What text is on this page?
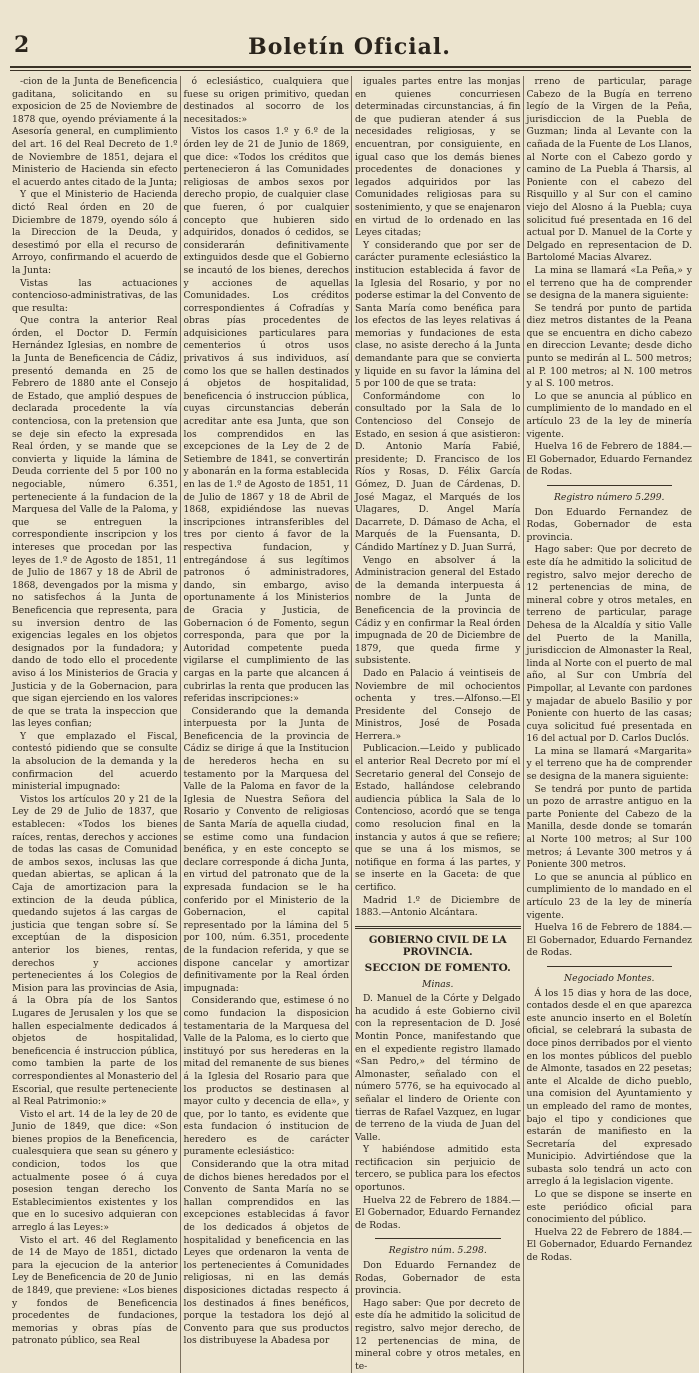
2	Boletín Oficial.

-cion de la Junta de Beneficencia gaditana, solicitando en su exposicion de 25 de Noviembre de 1878 que, oyendo préviamente á la Asesoría general, en cumplimiento del art. 16 del Real Decreto de 1.º de Noviembre de 1851, dejara el Ministerio de Hacienda sin efecto el acuerdo antes citado de la Junta;

Y que el Ministerio de Hacienda dictó Real órden en 20 de Diciembre de 1879, oyendo sólo á la Direccion de la Deuda, y desestimó por ella el recurso de Arroyo, confirmando el acuerdo de la Junta:

Vistas las actuaciones contencioso-administrativas, de las que resulta:

Que contra la anterior Real órden, el Doctor D. Fermín Hernández Iglesias, en nombre de la Junta de Beneficencia de Cádiz, presentó demanda en 25 de Febrero de 1880 ante el Consejo de Estado, que amplió despues de declarada procedente la vía contenciosa, con la pretension que se deje sin efecto la expresada Real órden, y se mande que se convierta y liquide la lámina de Deuda corriente del 5 por 100 no negociable, número 6.351, perteneciente á la fundacion de la Marquesa del Valle de la Paloma, y que se entreguen la correspondiente inscripcion y los intereses que procedan por las leyes de 1.º de Agosto de 1851, 11 de Julio de 1867 y 18 de Abril de 1868, devengados por la misma y no satisfechos á la Junta de Beneficencia que representa, para su inversion dentro de las exigencias legales en los objetos designados por la fundadora; y dando de todo ello el procedente aviso á los Ministerios de Gracia y Justicia y de la Gobernacion, para que sigan ejerciendo en los valores de que se trata la inspeccion que las leyes confian;

Y que emplazado el Fiscal, contestó pidiendo que se consulte la absolucion de la demanda y la confirmacion del acuerdo ministerial impugnado:

Vistos los artículos 20 y 21 de la Ley de 29 de Julio de 1837, que establecen: «Todos los bienes raíces, rentas, derechos y acciones de todas las casas de Comunidad de ambos sexos, inclusas las que quedan abiertas, se aplican á la Caja de amortizacion para la extincion de la deuda pública, quedando sujetos á las cargas de justicia que tengan sobre sí. Se exceptúan de la disposicion anterior los bienes, rentas, derechos y acciones pertenecientes á los Colegios de Mision para las provincias de Asia, á la Obra pía de los Santos Lugares de Jerusalen y los que se hallen especialmente dedicados á objetos de hospitalidad, beneficencia é instruccion pública, como tambien la parte de los correspondientes al Monasterio del Escorial, que resulte perteneciente al Real Patrimonio:»

Visto el art. 14 de la ley de 20 de Junio de 1849, que dice: «Son bienes propios de la Beneficencia, cualesquiera que sean su género y condicion, todos los que actualmente posee ó á cuya posesion tengan derecho los Establecimientos existentes y los que en lo sucesivo adquieran con arreglo á las Leyes:»

Visto el art. 46 del Reglamento de 14 de Mayo de 1851, dictado para la ejecucion de la anterior Ley de Beneficencia de 20 de Junio de 1849, que previene: «Los bienes y fondos de Beneficencia procedentes de fundaciones, memorias y obras pías de patronato público, sea Real

ó eclesiástico, cualquiera que fuese su origen primitivo, quedan destinados al socorro de los necesitados:»

Vistos los casos 1.º y 6.º de la órden ley de 21 de Junio de 1869, que dice: «Todos los créditos que pertenecieron á las Comunidades religiosas de ambos sexos por derecho propio, de cualquier clase que fueren, ó por cualquier concepto que hubieren sido adquiridos, donados ó cedidos, se considerarán definitivamente extinguidos desde que el Gobierno se incautó de los bienes, derechos y acciones de aquellas Comunidades. Los créditos correspondientes á Cofradías y obras pías procedentes de adquisiciones particulares para cementerios ú otros usos privativos á sus individuos, así como los que se hallen destinados á objetos de hospitalidad, beneficencia ó instruccion pública, cuyas circunstancias deberán acreditar ante esa Junta, que son los comprendidos en las excepciones de la Ley de 2 de Setiembre de 1841, se convertirán y abonarán en la forma establecida en las de 1.º de Agosto de 1851, 11 de Julio de 1867 y 18 de Abril de 1868, expidiéndose las nuevas inscripciones intransferibles del tres por ciento á favor de la respectiva fundacion, y entregándose á sus legítimos patronos ó administradores, dando, sin embargo, aviso oportunamente á los Ministerios de Gracia y Justicia, de Gobernacion ó de Fomento, segun corresponda, para que por la Autoridad competente pueda vigilarse el cumplimiento de las cargas en la parte que alcancen á cubrirlas la renta que producen las referidas inscripciones:»

Considerando que la demanda interpuesta por la Junta de Beneficencia de la provincia de Cádiz se dirige á que la Institucion de herederos hecha en su testamento por la Marquesa del Valle de la Paloma en favor de la Iglesia de Nuestra Señora del Rosario y Convento de religiosas de Santa María de aquella ciudad, se estime como una fundacion benéfica, y en este concepto se declare corresponde á dicha Junta, en virtud del patronato que de la expresada fundacion se le ha conferido por el Ministerio de la Gobernacion, el capital representado por la lámina del 5 por 100, núm. 6.351, procedente de la fundacion referida, y que se dispone cancelar y amortizar definitivamente por la Real órden impugnada:

Considerando que, estimese ó no como fundacion la disposicion testamentaria de la Marquesa del Valle de la Paloma, es lo cierto que instituyó por sus herederas en la mitad del remanente de sus bienes á la Iglesia del Rosario para que los productos se destinasen al mayor culto y decencia de ella», y que, por lo tanto, es evidente que esta fundacion ó institucion de heredero es de carácter puramente eclesiástico:

Considerando que la otra mitad de dichos bienes heredados por el Convento de Santa María no se hallan comprendidos en las excepciones establecidas á favor de los dedicados á objetos de hospitalidad y beneficencia en las Leyes que ordenaron la venta de los pertenecientes á Comunidades religiosas, ni en las demás disposiciones dictadas respecto á los destinados á fines benéficos, porque la testadora los dejó al Convento para que sus productos los distribuyese la Abadesa por

iguales partes entre las monjas en quienes concurriesen determinadas circunstancias, á fin de que pudieran atender á sus necesidades religiosas, y se encuentran, por consiguiente, en igual caso que los demás bienes procedentes de donaciones y legados adquiridos por las Comunidades religiosas para su sostenimiento, y que se enajenaron en virtud de lo ordenado en las Leyes citadas;

Y considerando que por ser de carácter puramente eclesiástico la institucion establecida á favor de la Iglesia del Rosario, y por no poderse estimar la del Convento de Santa María como benéfica para los efectos de las leyes relativas á memorias y fundaciones de esta clase, no asiste derecho á la Junta demandante para que se convierta y liquide en su favor la lámina del 5 por 100 de que se trata:

Conformándome con lo consultado por la Sala de lo Contencioso del Consejo de Estado, en sesion á que asistieron: D. Antonio María Fabié, presidente; D. Francisco de los Ríos y Rosas, D. Félix García Gómez, D. Juan de Cárdenas, D. José Magaz, el Marqués de los Ulagares, D. Angel María Dacarrete, D. Dámaso de Acha, el Marqués de la Fuensanta, D. Cándido Martínez y D. Juan Surrá,

Vengo en absolver á la Administracion general del Estado de la demanda interpuesta á nombre de la Junta de Beneficencia de la provincia de Cádiz y en confirmar la Real órden impugnada de 20 de Diciembre de 1879, que queda firme y subsistente.

Dado en Palacio á veintiseis de Noviembre de mil ochocientos ochenta y tres.—Alfonso.—El Presidente del Consejo de Ministros, José de Posada Herrera.»

Publicacion.—Leido y publicado el anterior Real Decreto por mí el Secretario general del Consejo de Estado, hallándose celebrando audiencia pública la Sala de lo Contencioso, acordó que se tenga como resolucion final en la instancia y autos á que se refiere; que se una á los mismos, se notifique en forma á las partes, y se inserte en la Gaceta: de que certifico.

Madrid 1.º de Diciembre de 1883.—Antonio Alcántara.

GOBIERNO CIVIL DE LA PROVINCIA.
SECCION DE FOMENTO.
Minas.

D. Manuel de la Córte y Delgado ha acudido á este Gobierno civil con la representacion de D. José Montin Ponce, manifestando que en el expediente registro llamado «San Pedro,» del término de Almonaster, señalado con el número 5776, se ha equivocado al señalar el lindero de Oriente con tierras de Rafael Vazquez, en lugar de terreno de la viuda de Juan del Valle.

Y habiéndose admitido esta rectificacion sin perjuicio de tercero, se publica para los efectos oportunos.

Huelva 22 de Febrero de 1884.—El Gobernador, Eduardo Fernandez de Rodas.

Registro núm. 5.298.

Don Eduardo Fernandez de Rodas, Gobernador de esta provincia.

Hago saber: Que por decreto de este día he admitido la solicitud de registro, salvo mejor derecho, de 12 pertenencias de mina, de mineral cobre y otros metales, en te-

rreno de particular, parage Cabezo de la Bugía en terreno legío de la Virgen de la Peña, jurisdiccion de la Puebla de Guzman; linda al Levante con la cañada de la Fuente de Los Llanos, al Norte con el Cabezo gordo y camino de La Puebla á Tharsis, al Poniente con el cabezo del Risquillo y al Sur con el camino viejo del Alosno á la Puebla; cuya solicitud fué presentada en 16 del actual por D. Manuel de la Corte y Delgado en representacion de D. Bartolomé Macias Alvarez.

La mina se llamará «La Peña,» y el terreno que ha de comprender se designa de la manera siguiente:

Se tendrá por punto de partida diez metros distantes de la Peana que se encuentra en dicho cabezo en direccion Levante; desde dicho punto se medirán al L. 500 metros; al P. 100 metros; al N. 100 metros y al S. 100 metros.

Lo que se anuncia al público en cumplimiento de lo mandado en el artículo 23 de la ley de minería vigente.

Huelva 16 de Febrero de 1884.—El Gobernador, Eduardo Fernandez de Rodas.

Registro número 5.299.

Don Eduardo Fernandez de Rodas, Gobernador de esta provincia.

Hago saber: Que por decreto de este día he admitido la solicitud de registro, salvo mejor derecho de 12 pertenencias de mina, de mineral cobre y otros metales, en terreno de particular, parage Dehesa de la Alcaldía y sitio Valle del Puerto de la Manilla, jurisdiccion de Almonaster la Real, linda al Norte con el puerto de mal año, al Sur con Umbría del Pimpollar, al Levante con pardones y majadar de abuelo Basilio y por Poniente con huerto de las casas; cuya solicitud fué presentada en 16 del actual por D. Carlos Duclós.

La mina se llamará «Margarita» y el terreno que ha de comprender se designa de la manera siguiente:

Se tendrá por punto de partida un pozo de arrastre antiguo en la parte Poniente del Cabezo de la Manilla, desde donde se tomarán al Norte 100 metros; al Sur 100 metros; á Levante 300 metros y á Poniente 300 metros.

Lo que se anuncia al público en cumplimiento de lo mandado en el artículo 23 de la ley de minería vigente.

Huelva 16 de Febrero de 1884.—El Gobernador, Eduardo Fernandez de Rodas.

Negociado Montes.

Á los 15 dias y hora de las doce, contados desde el en que aparezca este anuncio inserto en el Boletín oficial, se celebrará la subasta de doce pinos derribados por el viento en los montes públicos del pueblo de Almonte, tasados en 22 pesetas; ante el Alcalde de dicho pueblo, una comision del Ayuntamiento y un empleado del ramo de montes, bajo el tipo y condiciones que estarán de manifiesto en la Secretaría del expresado Municipio. Advirtiéndose que la subasta solo tendrá un acto con arreglo á la legislacion vigente.

Lo que se dispone se inserte en este periódico oficial para conocimiento del público.

Huelva 22 de Febrero de 1884.—El Gobernador, Eduardo Fernandez de Rodas.
